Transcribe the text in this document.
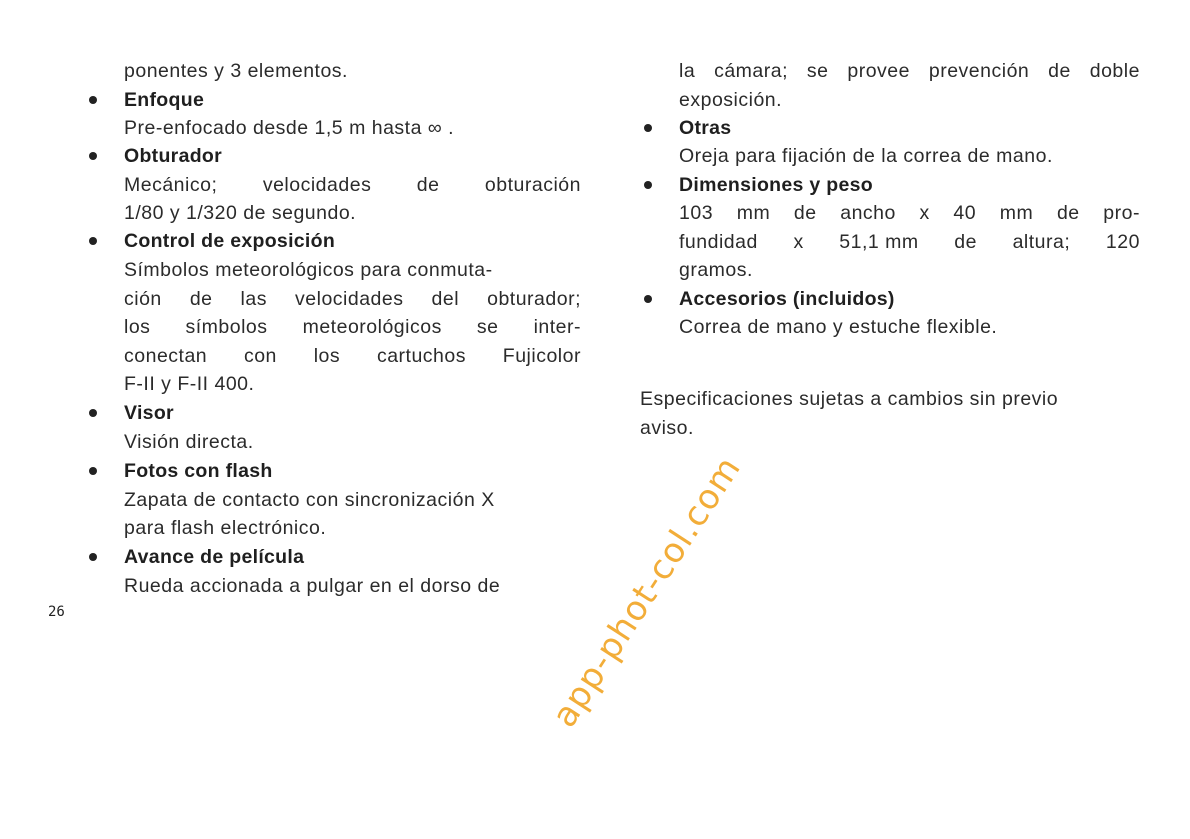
ponentes y 3 elementos.
Enfoque
Pre-enfocado desde 1,5 m hasta ∞ .
Obturador
Mecánico; velocidades de obturación
1/80 y 1/320 de segundo.
Control de exposición
Símbolos meteorológicos para conmuta-
ción de las velocidades del obturador;
los símbolos meteorológicos se inter-
conectan con los cartuchos Fujicolor
F-II y F-II 400.
Visor
Visión directa.
Fotos con flash
Zapata de contacto con sincronización X
para flash electrónico.
Avance de película
Rueda accionada a pulgar en el dorso de
26
la cámara; se provee prevención de doble
exposición.
Otras
Oreja para fijación de la correa de mano.
Dimensiones y peso
103 mm de ancho x 40 mm de pro-
fundidad x 51,1 mm de altura; 120
gramos.
Accesorios (incluidos)
Correa de mano y estuche flexible.
Especificaciones sujetas a cambios sin previo
aviso.
app-phot-col.com
